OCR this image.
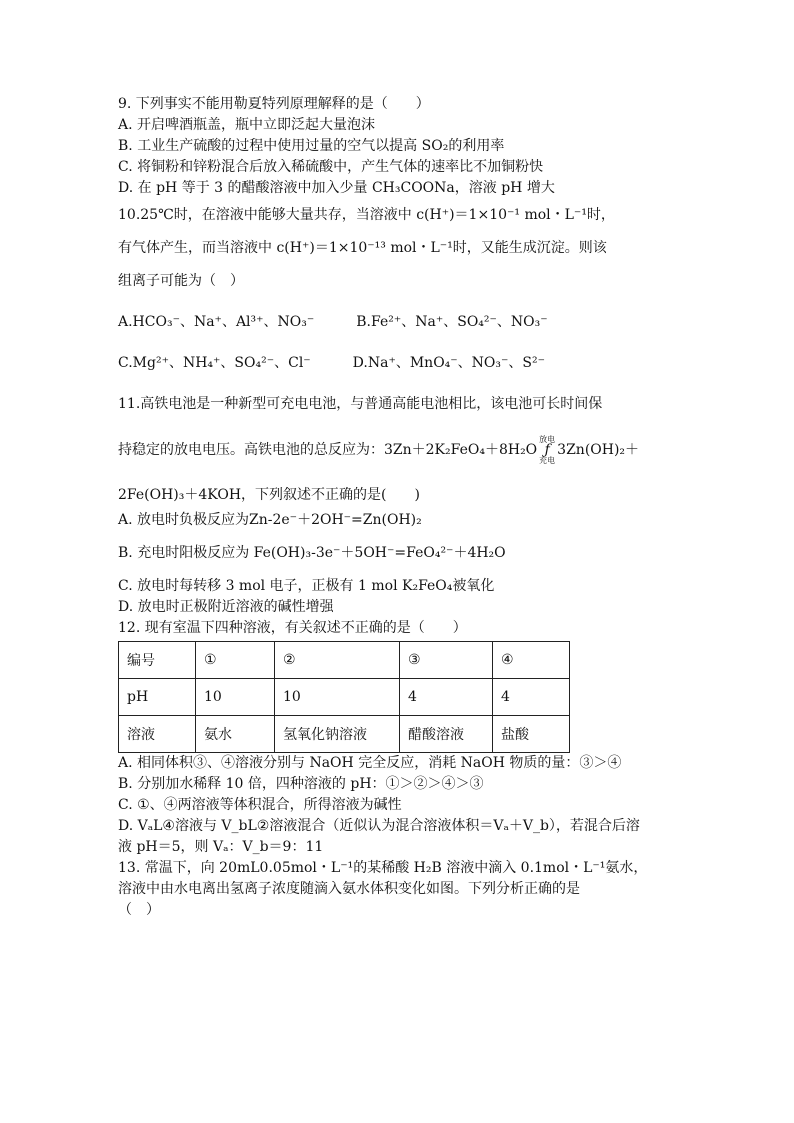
9. 下列事实不能用勒夏特列原理解释的是（　　）
A. 开启啤酒瓶盖，瓶中立即泛起大量泡沫
B. 工业生产硫酸的过程中使用过量的空气以提高 SO₂的利用率
C. 将铜粉和锌粉混合后放入稀硫酸中，产生气体的速率比不加铜粉快
D. 在 pH 等于 3 的醋酸溶液中加入少量 CH₃COONa，溶液 pH 增大
10.25℃时，在溶液中能够大量共存，当溶液中 c(H⁺)＝1×10⁻¹ mol・L⁻¹时，
有气体产生，而当溶液中 c(H⁺)＝1×10⁻¹³ mol・L⁻¹时，又能生成沉淀。则该
组离子可能为（　）
A.HCO₃⁻、Na⁺、Al³⁺、NO₃⁻　　　B.Fe²⁺、Na⁺、SO₄²⁻、NO₃⁻
C.Mg²⁺、NH₄⁺、SO₄²⁻、Cl⁻　　　D.Na⁺、MnO₄⁻、NO₃⁻、S²⁻
11.高铁电池是一种新型可充电电池，与普通高能电池相比，该电池可长时间保
持稳定的放电电压。高铁电池的总反应为：3Zn＋2K₂FeO₄＋8H₂O
放电
ƒ
充电
3Zn(OH)₂＋
2Fe(OH)₃＋4KOH，下列叙述不正确的是(　　)
A. 放电时负极反应为Zn-2e⁻＋2OH⁻=Zn(OH)₂
B. 充电时阳极反应为 Fe(OH)₃-3e⁻＋5OH⁻=FeO₄²⁻＋4H₂O
C. 放电时每转移 3 mol 电子，正极有 1 mol K₂FeO₄被氧化
D. 放电时正极附近溶液的碱性增强
12. 现有室温下四种溶液，有关叙述不正确的是（　　）
编号	①	②	③	④
pH	10	10	4	4
溶液	氨水	氢氧化钠溶液	醋酸溶液	盐酸
A. 相同体积③、④溶液分别与 NaOH 完全反应，消耗 NaOH 物质的量：③＞④
B. 分别加水稀释 10 倍，四种溶液的 pH：①＞②＞④＞③
C. ①、④两溶液等体积混合，所得溶液为碱性
D. VₐL④溶液与 V_bL②溶液混合（近似认为混合溶液体积＝Vₐ＋V_b），若混合后溶
液 pH＝5，则 Vₐ：V_b＝9：11
13. 常温下，向 20mL0.05mol・L⁻¹的某稀酸 H₂B 溶液中滴入 0.1mol・L⁻¹氨水，
溶液中由水电离出氢离子浓度随滴入氨水体积变化如图。下列分析正确的是
（　）
